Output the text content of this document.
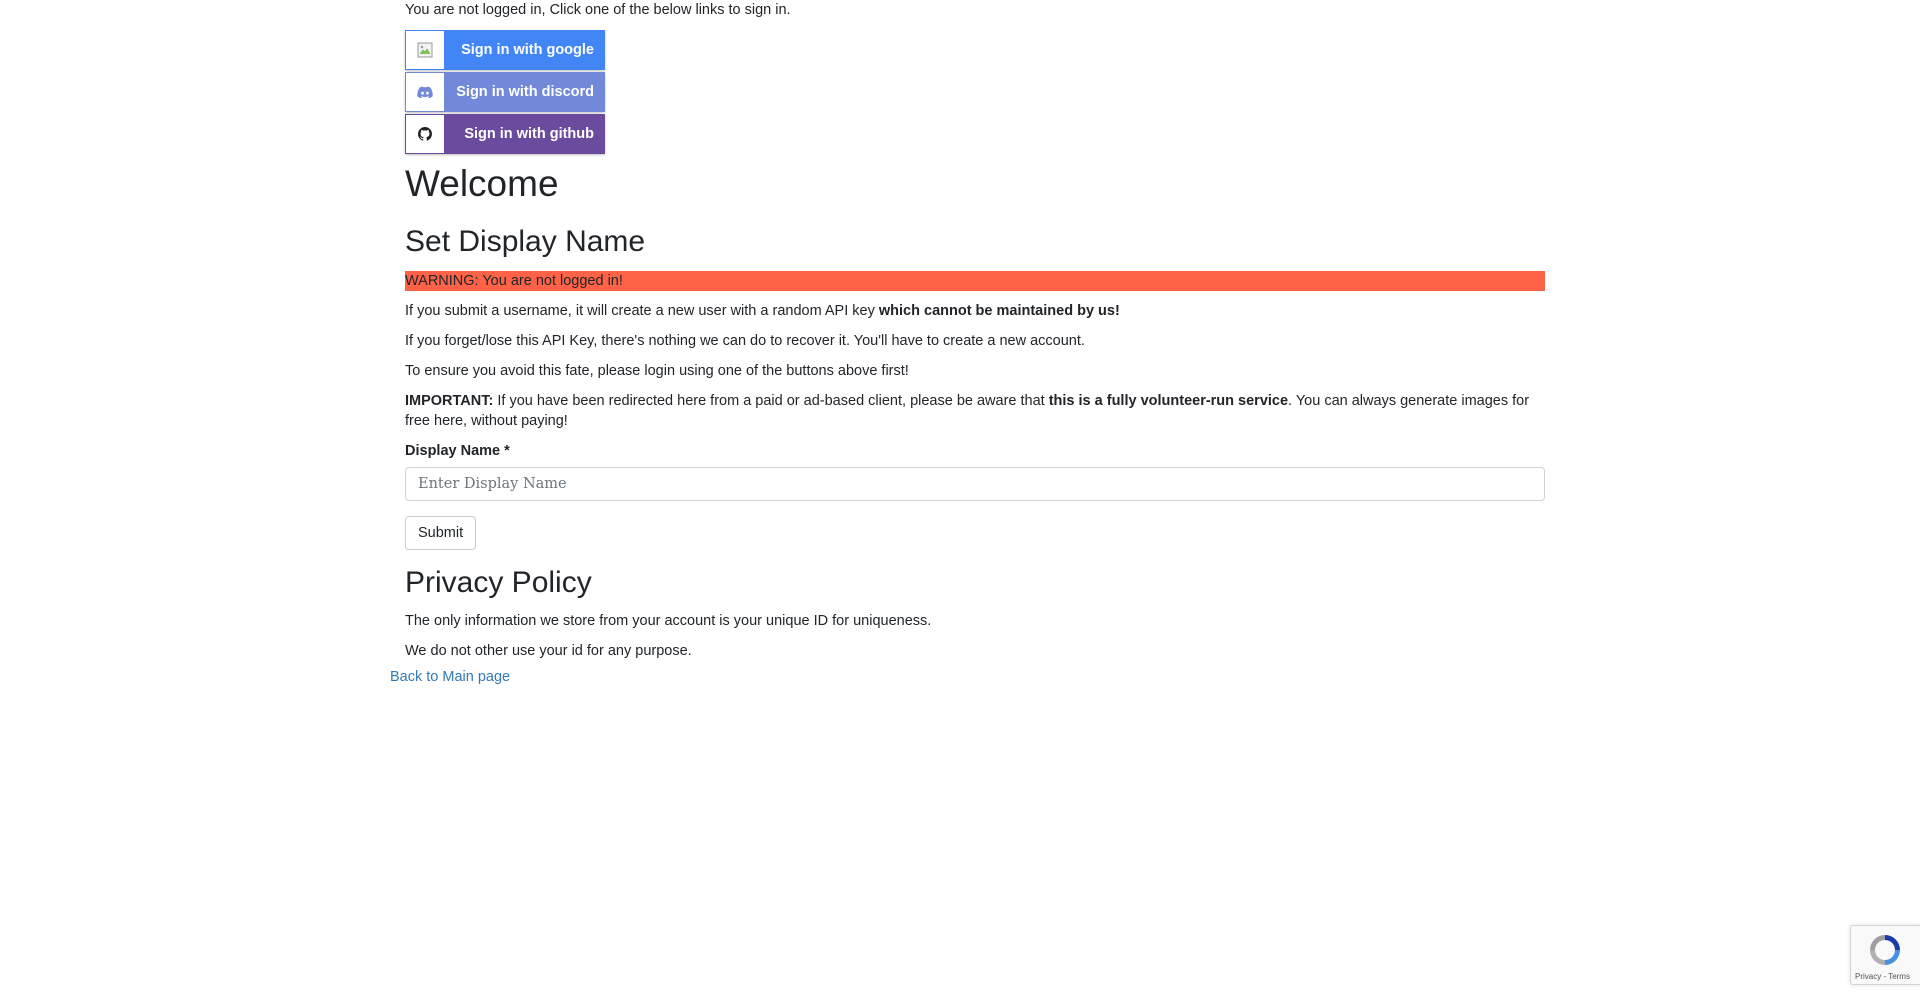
You are not logged in, Click one of the below links to sign in.

Sign in with google
Sign in with discord
Sign in with github
Welcome
Set Display Name
WARNING: You are not logged in!

If you submit a username, it will create a new user with a random API key which cannot be maintained by us!

If you forget/lose this API Key, there's nothing we can do to recover it. You'll have to create a new account.

To ensure you avoid this fate, please login using one of the buttons above first!

IMPORTANT: If you have been redirected here from a paid or ad-based client, please be aware that this is a fully volunteer-run service. You can always generate images for free here, without paying!

Display Name *
Enter Display Name Submit
Privacy Policy

The only information we store from your account is your unique ID for uniqueness.

We do not other use your id for any purpose.

Back to Main page
Privacy - Terms
